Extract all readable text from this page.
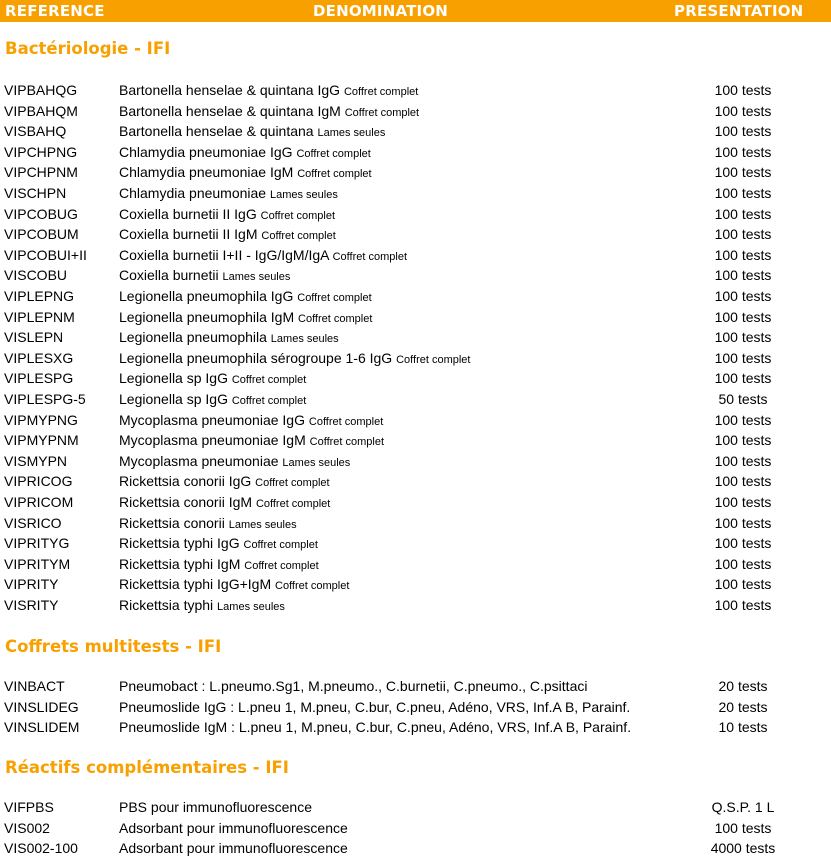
REFERENCE	DENOMINATION	PRESENTATION
Bactériologie - IFI
VIPBAHQG	Bartonella henselae & quintana IgG Coffret complet	100 tests
VIPBAHQM	Bartonella henselae & quintana IgM Coffret complet	100 tests
VISBAHQ	Bartonella henselae & quintana Lames seules	100 tests
VIPCHPNG	Chlamydia pneumoniae IgG Coffret complet	100 tests
VIPCHPNM	Chlamydia pneumoniae IgM Coffret complet	100 tests
VISCHPN	Chlamydia pneumoniae Lames seules	100 tests
VIPCOBUG	Coxiella burnetii II IgG Coffret complet	100 tests
VIPCOBUM	Coxiella burnetii II IgM Coffret complet	100 tests
VIPCOBUI+II Coxiella burnetii I+II - IgG/IgM/IgA Coffret complet	100 tests
VISCOBU	Coxiella burnetii Lames seules	100 tests
VIPLEPNG	Legionella pneumophila IgG Coffret complet	100 tests
VIPLEPNM	Legionella pneumophila IgM Coffret complet	100 tests
VISLEPN	Legionella pneumophila Lames seules	100 tests
VIPLESXG	Legionella pneumophila sérogroupe 1-6 IgG Coffret complet	100 tests
VIPLESPG	Legionella sp IgG Coffret complet	100 tests
VIPLESPG-5 Legionella sp IgG Coffret complet	50 tests
VIPMYPNG	Mycoplasma pneumoniae IgG Coffret complet	100 tests
VIPMYPNM	Mycoplasma pneumoniae IgM Coffret complet	100 tests
VISMYPN	Mycoplasma pneumoniae Lames seules	100 tests
VIPRICOG	Rickettsia conorii IgG Coffret complet	100 tests
VIPRICOM	Rickettsia conorii IgM Coffret complet	100 tests
VISRICO	Rickettsia conorii Lames seules	100 tests
VIPRITYG	Rickettsia typhi IgG Coffret complet	100 tests
VIPRITYM	Rickettsia typhi IgM Coffret complet	100 tests
VIPRITY	Rickettsia typhi IgG+IgM Coffret complet	100 tests
VISRITY	Rickettsia typhi Lames seules	100 tests
Coffrets multitests - IFI
VINBACT	Pneumobact : L.pneumo.Sg1, M.pneumo., C.burnetii, C.pneumo., C.psittaci	20 tests
VINSLIDEG	Pneumoslide IgG : L.pneu 1, M.pneu, C.bur, C.pneu, Adéno, VRS, Inf.A B, Parainf.	20 tests
VINSLIDEM	Pneumoslide IgM : L.pneu 1, M.pneu, C.bur, C.pneu, Adéno, VRS, Inf.A B, Parainf.	10 tests
Réactifs complémentaires - IFI
VIFPBS	PBS pour immunofluorescence	Q.S.P. 1 L
VIS002	Adsorbant pour immunofluorescence	100 tests
VIS002-100	Adsorbant pour immunofluorescence	4000 tests
